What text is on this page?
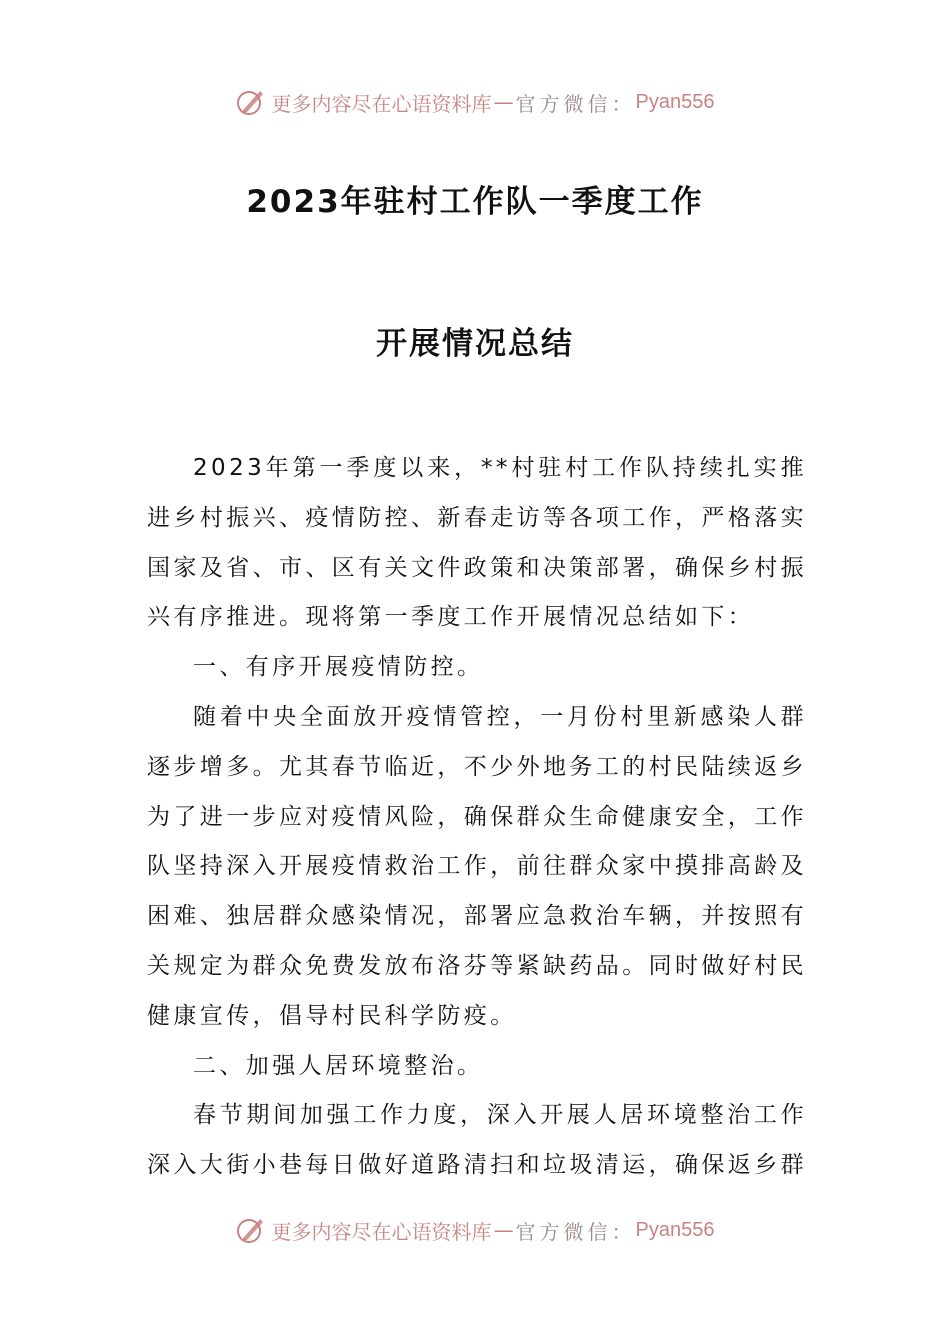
更多内容尽在心语资料库 — 官方微信： Pyan556
2023年驻村工作队一季度工作
开展情况总结

2023年第一季度以来，**村驻村工作队持续扎实推进乡村振兴、疫情防控、新春走访等各项工作，严格落实国家及省、市、区有关文件政策和决策部署，确保乡村振兴有序推进。现将第一季度工作开展情况总结如下：

一、有序开展疫情防控。

随着中央全面放开疫情管控，一月份村里新感染人群逐步增多。尤其春节临近，不少外地务工的村民陆续返乡为了进一步应对疫情风险，确保群众生命健康安全，工作队坚持深入开展疫情救治工作，前往群众家中摸排高龄及困难、独居群众感染情况，部署应急救治车辆，并按照有关规定为群众免费发放布洛芬等紧缺药品。同时做好村民健康宣传，倡导村民科学防疫。

二、加强人居环境整治。

春节期间加强工作力度，深入开展人居环境整治工作深入大街小巷每日做好道路清扫和垃圾清运，确保返乡群

更多内容尽在心语资料库 — 官方微信： Pyan556
